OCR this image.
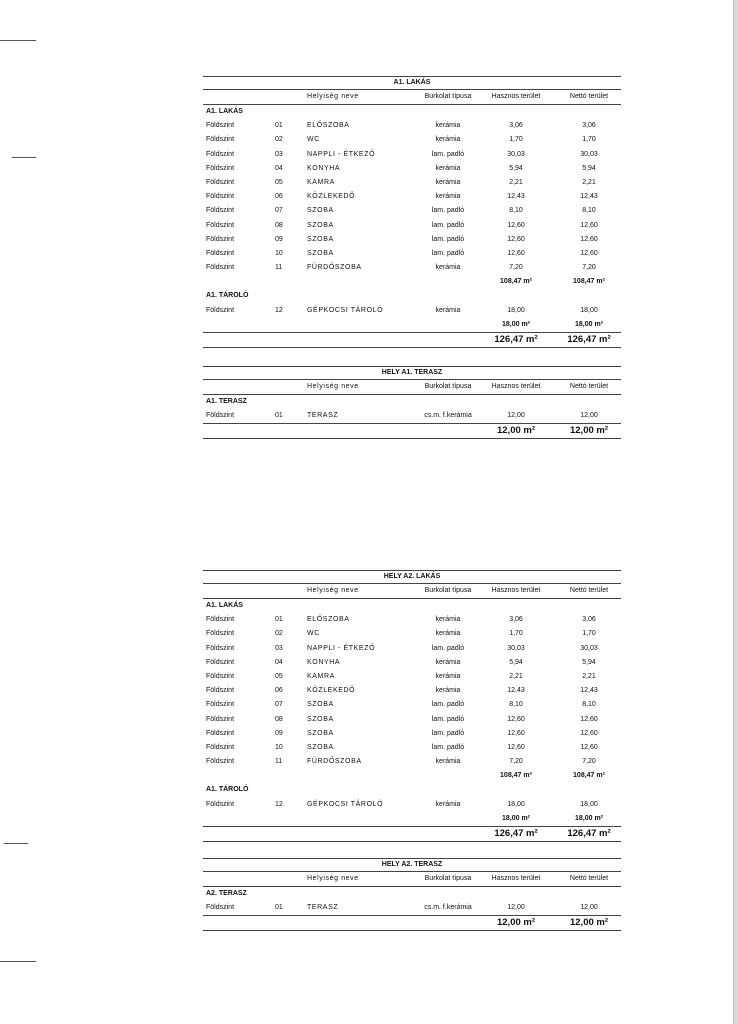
A1. LAKÁS
Helyiség neve	Burkolat típusa	Hasznos terület	Nettó terület
A1. LAKÁS
Földszint	01	ELŐSZOBA	kerámia	3,06	3,06
Földszint	02	WC	kerámia	1,70	1,70
Földszint	03	NAPPLI - ÉTKEZŐ	lam. padló	30,03	30,03
Földszint	04	KONYHA	kerámia	5,94	5,94
Földszint	05	KAMRA	kerámia	2,21	2,21
Földszint	06	KÖZLEKEDŐ	kerámia	12,43	12,43
Földszint	07	SZOBA	lam. padló	8,10	8,10
Földszint	08	SZOBA	lam. padló	12,60	12,60
Földszint	09	SZOBA	lam. padló	12,60	12,60
Földszint	10	SZOBA	lam. padló	12,60	12,60
Földszint	11	FÜRDŐSZOBA	kerámia	7,20	7,20
108,47 m²	108,47 m²
A1. TÁROLÓ
Földszint	12	GÉPKOCSI TÁROLÓ	kerámia	18,00	18,00
18,00 m²	18,00 m²
126,47 m²	126,47 m²
HELY A1. TERASZ
Helyiség neve	Burkolat típusa	Hasznos terület	Nettó terület
A1. TERASZ
Földszint	01	TERASZ	cs.m. f.kerámia	12,00	12,00
12,00 m²	12,00 m²
HELY A2. LAKÁS
Helyiség neve	Burkolat típusa	Hasznos terület	Nettó terület
A1. LAKÁS
Földszint	01	ELŐSZOBA	kerámia	3,06	3,06
Földszint	02	WC	kerámia	1,70	1,70
Földszint	03	NAPPLI - ÉTKEZŐ	lam. padló	30,03	30,03
Földszint	04	KONYHA	kerámia	5,94	5,94
Földszint	05	KAMRA	kerámia	2,21	2,21
Földszint	06	KÖZLEKEDŐ	kerámia	12,43	12,43
Földszint	07	SZOBA	lam. padló	8,10	8,10
Földszint	08	SZOBA	lam. padló	12,60	12,60
Földszint	09	SZOBA	lam. padló	12,60	12,60
Földszint	10	SZOBA	lam. padló	12,60	12,60
Földszint	11	FÜRDŐSZOBA	kerámia	7,20	7,20
108,47 m²	108,47 m²
A1. TÁROLÓ
Földszint	12	GÉPKOCSI TÁROLÓ	kerámia	18,00	18,00
18,00 m²	18,00 m²
126,47 m²	126,47 m²
HELY A2. TERASZ
Helyiség neve	Burkolat típusa	Hasznos terület	Nettó terület
A2. TERASZ
Földszint	01	TERASZ	cs.m. f.kerámia	12,00	12,00
12,00 m²	12,00 m²
